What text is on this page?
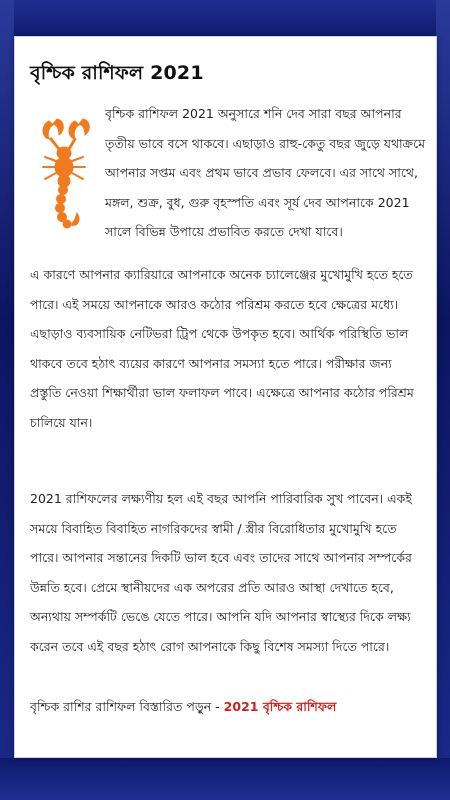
বৃশ্চিক রাশিফল 2021
বৃশ্চিক রাশিফল 2021 অনুসারে শনি দেব সারা বছর আপনার তৃতীয় ভাবে বসে থাকবে। এছাড়াও রাহু-কেতু বছর জুড়ে যথাক্রমে আপনার সপ্তম এবং প্রথম ভাবে প্রভাব ফেলবে। এর সাথে সাথে, মঙ্গল, শুক্র, বুধ, গুরু বৃহস্পতি এবং সূর্য দেব আপনাকে 2021 সালে বিভিন্ন উপায়ে প্রভাবিত করতে দেখা যাবে।
এ কারণে আপনার ক্যারিয়ারে আপনাকে অনেক চ্যালেঞ্জের মুখোমুখি হতে হতে পারে। এই সময়ে আপনাকে আরও কঠোর পরিশ্রম করতে হবে ক্ষেত্রের মধ্যে। এছাড়াও ব্যবসায়িক নেটিভরা ট্রিপ থেকে উপকৃত হবে। আর্থিক পরিস্থিতি ভাল থাকবে তবে হঠাৎ ব্যয়ের কারণে আপনার সমস্যা হতে পারে। পরীক্ষার জন্য প্রস্তুতি নেওয়া শিক্ষার্থীরা ভাল ফলাফল পাবে। এক্ষেত্রে আপনার কঠোর পরিশ্রম চালিয়ে যান।
2021 রাশিফলের লক্ষ্যণীয় হল এই বছর আপনি পারিবারিক সুখ পাবেন। একই সময়ে বিবাহিত বিবাহিত নাগরিকদের স্বামী / স্ত্রীর বিরোধিতার মুখোমুখি হতে পারে। আপনার সন্তানের দিকটি ভাল হবে এবং তাদের সাথে আপনার সম্পর্কের উন্নতি হবে। প্রেমে স্থানীয়দের এক অপরের প্রতি আরও আস্থা দেখাতে হবে, অন্যথায় সম্পর্কটি ভেঙে যেতে পারে। আপনি যদি আপনার স্বাস্থ্যের দিকে লক্ষ্য করেন তবে এই বছর হঠাৎ রোগ আপনাকে কিছু বিশেষ সমস্যা দিতে পারে।
বৃশ্চিক রাশির রাশিফল বিস্তারিত পড়ুন - 2021 বৃশ্চিক রাশিফল
